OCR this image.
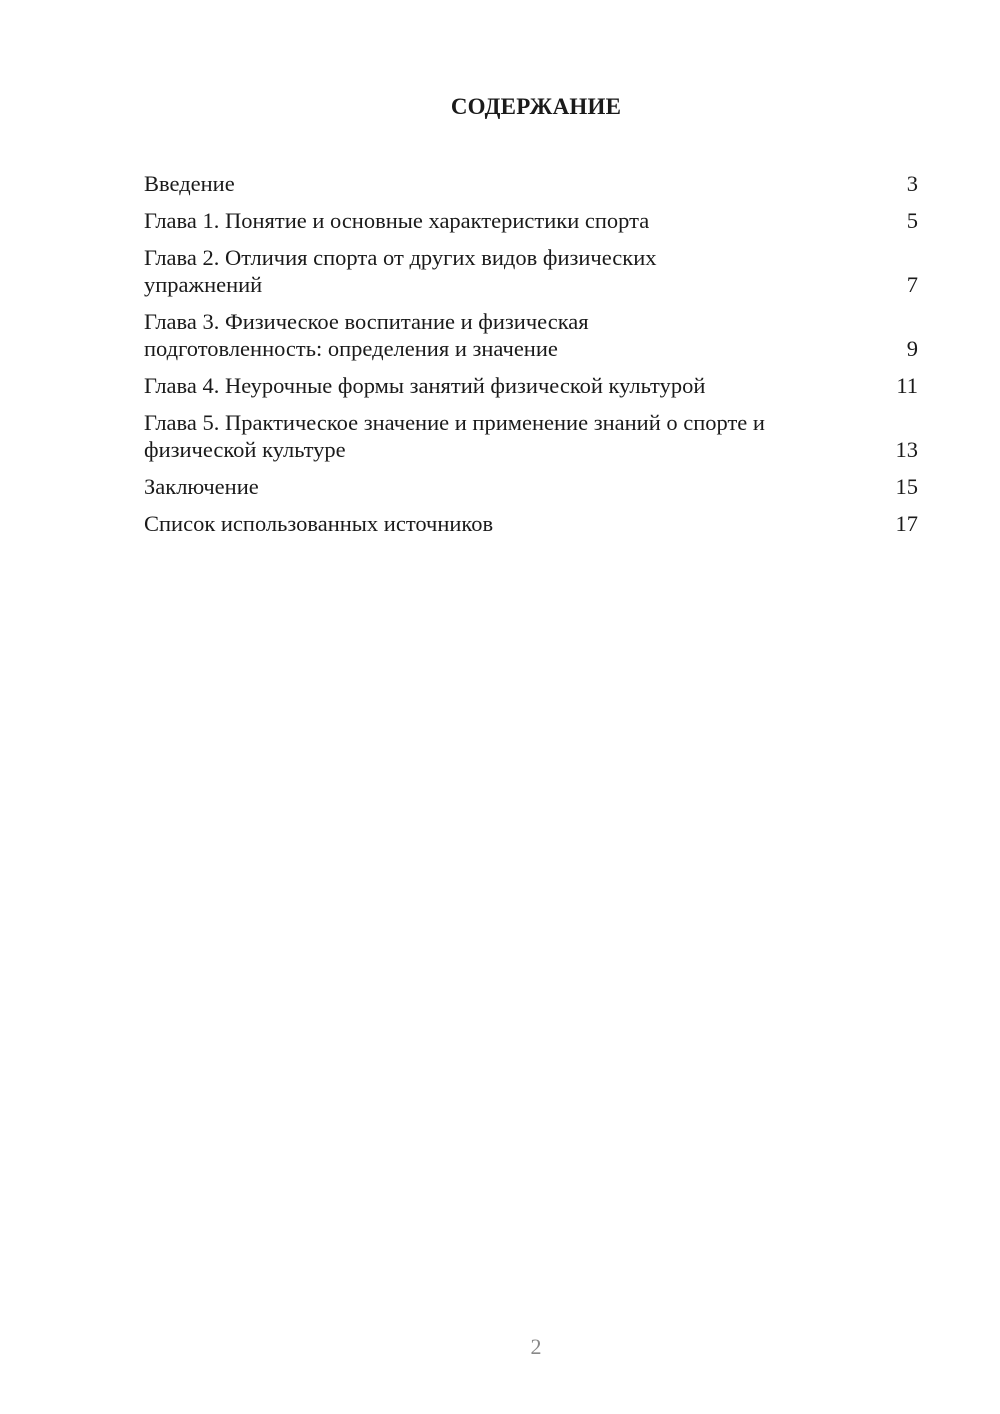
СОДЕРЖАНИЕ
Введение	3
Глава 1. Понятие и основные характеристики спорта	5
Глава 2. Отличия спорта от других видов физических упражнений	7
Глава 3. Физическое воспитание и физическая подготовленность: определения и значение	9
Глава 4. Неурочные формы занятий физической культурой	11
Глава 5. Практическое значение и применение знаний о спорте и физической культуре	13
Заключение	15
Список использованных источников	17
2
